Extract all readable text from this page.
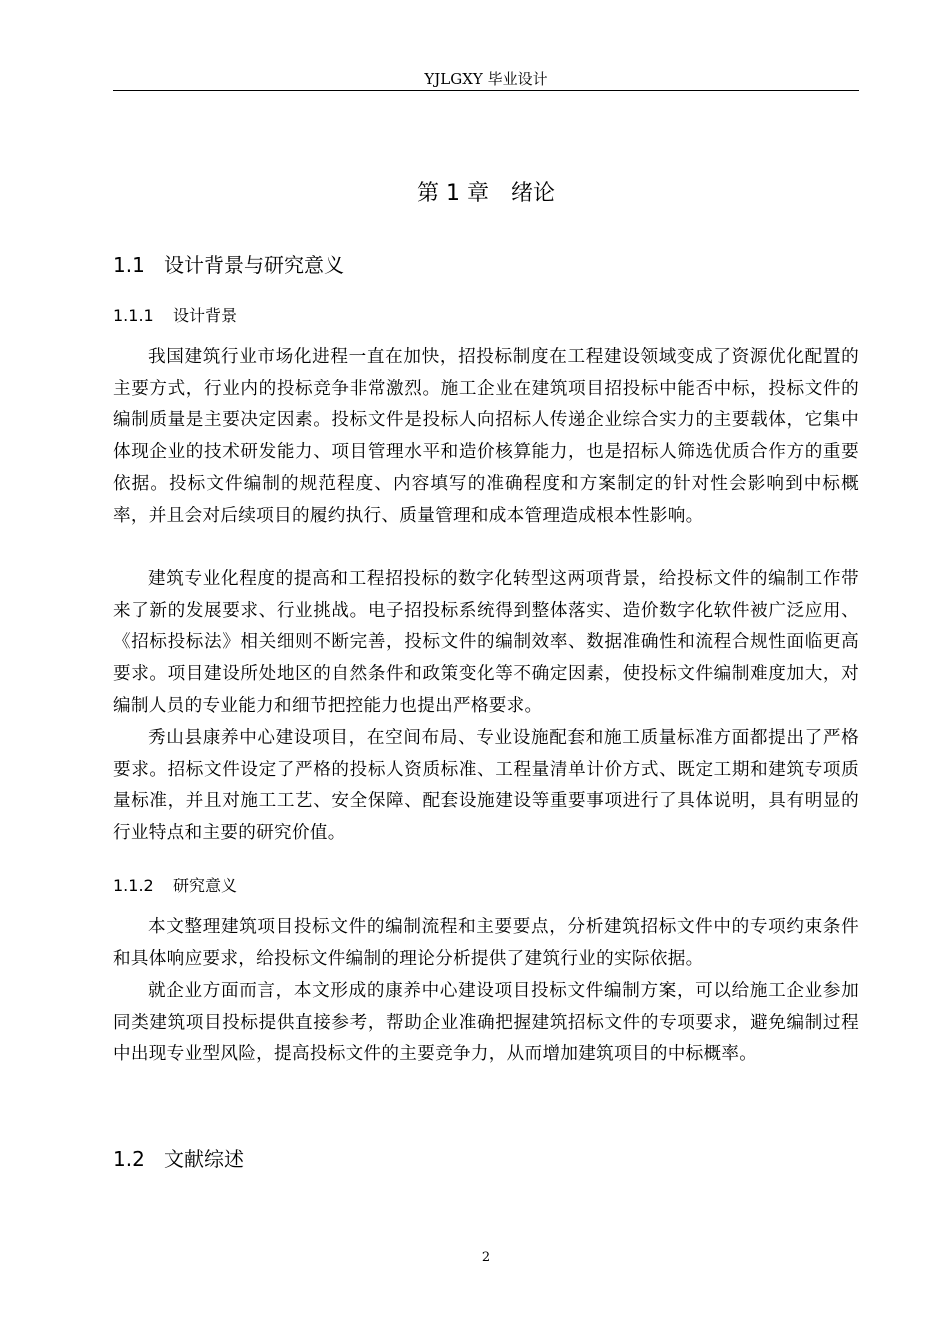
YJLGXY 毕业设计
第 1 章 绪论
1.1 设计背景与研究意义
1.1.1 设计背景

我国建筑行业市场化进程一直在加快，招投标制度在工程建设领域变成了资源优化配置的主要方式，行业内的投标竞争非常激烈。施工企业在建筑项目招投标中能否中标，投标文件的编制质量是主要决定因素。投标文件是投标人向招标人传递企业综合实力的主要载体，它集中体现企业的技术研发能力、项目管理水平和造价核算能力，也是招标人筛选优质合作方的重要依据。投标文件编制的规范程度、内容填写的准确程度和方案制定的针对性会影响到中标概率，并且会对后续项目的履约执行、质量管理和成本管理造成根本性影响。

建筑专业化程度的提高和工程招投标的数字化转型这两项背景，给投标文件的编制工作带来了新的发展要求、行业挑战。电子招投标系统得到整体落实、造价数字化软件被广泛应用、《招标投标法》相关细则不断完善，投标文件的编制效率、数据准确性和流程合规性面临更高要求。项目建设所处地区的自然条件和政策变化等不确定因素，使投标文件编制难度加大，对编制人员的专业能力和细节把控能力也提出严格要求。

秀山县康养中心建设项目，在空间布局、专业设施配套和施工质量标准方面都提出了严格要求。招标文件设定了严格的投标人资质标准、工程量清单计价方式、既定工期和建筑专项质量标准，并且对施工工艺、安全保障、配套设施建设等重要事项进行了具体说明，具有明显的行业特点和主要的研究价值。

1.1.2 研究意义

本文整理建筑项目投标文件的编制流程和主要要点，分析建筑招标文件中的专项约束条件和具体响应要求，给投标文件编制的理论分析提供了建筑行业的实际依据。

就企业方面而言，本文形成的康养中心建设项目投标文件编制方案，可以给施工企业参加同类建筑项目投标提供直接参考，帮助企业准确把握建筑招标文件的专项要求，避免编制过程中出现专业型风险，提高投标文件的主要竞争力，从而增加建筑项目的中标概率。

1.2 文献综述
2
